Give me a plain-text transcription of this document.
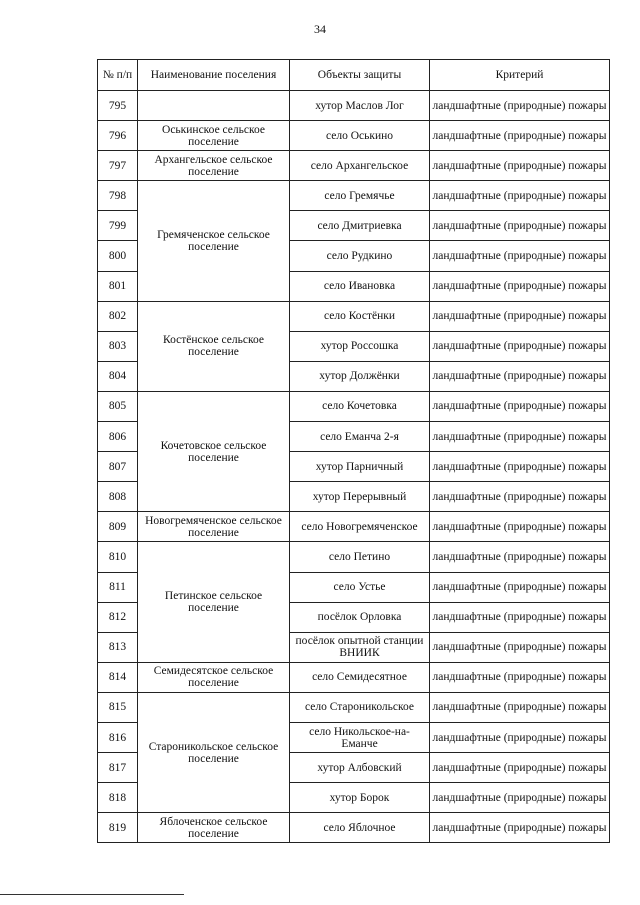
34
№ п/п	Наименование поселения	Объекты защиты	Критерий
795		хутор Маслов Лог	ландшафтные (природные) пожары
796	Оськинское сельское поселение	село Оськино	ландшафтные (природные) пожары
797	Архангельское сельское поселение	село Архангельское	ландшафтные (природные) пожары
798	Гремяченское сельское поселение	село Гремячье	ландшафтные (природные) пожары
799		село Дмитриевка	ландшафтные (природные) пожары
800		село Рудкино	ландшафтные (природные) пожары
801		село Ивановка	ландшафтные (природные) пожары
802	Костёнское сельское поселение	село Костёнки	ландшафтные (природные) пожары
803		хутор Россошка	ландшафтные (природные) пожары
804		хутор Должёнки	ландшафтные (природные) пожары
805	Кочетовское сельское поселение	село Кочетовка	ландшафтные (природные) пожары
806		село Еманча 2-я	ландшафтные (природные) пожары
807		хутор Парничный	ландшафтные (природные) пожары
808		хутор Перерывный	ландшафтные (природные) пожары
809	Новогремяченское сельское поселение	село Новогремяченское	ландшафтные (природные) пожары
810	Петинское сельское поселение	село Петино	ландшафтные (природные) пожары
811		село Устье	ландшафтные (природные) пожары
812		посёлок Орловка	ландшафтные (природные) пожары
813		посёлок опытной станции ВНИИК	ландшафтные (природные) пожары
814	Семидесятское сельское поселение	село Семидесятное	ландшафтные (природные) пожары
815	Староникольское сельское поселение	село Староникольское	ландшафтные (природные) пожары
816		село Никольское-на-Еманче	ландшафтные (природные) пожары
817		хутор Албовский	ландшафтные (природные) пожары
818		хутор Борок	ландшафтные (природные) пожары
819	Яблоченское сельское поселение	село Яблочное	ландшафтные (природные) пожары
